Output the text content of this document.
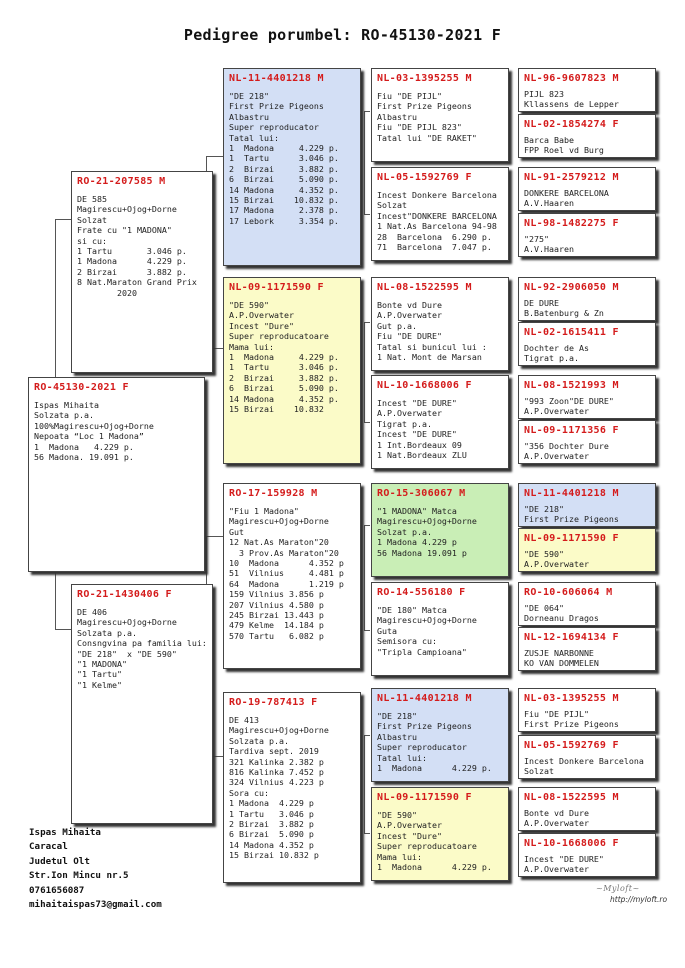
Pedigree porumbel: RO-45130-2021 F
RO-45130-2021 F
Ispas Mihaita
Solzata p.a.
100%Magirescu+Ojog+Dorne
Nepoata “Loc 1 Madona”
1  Madona   4.229 p.
56 Madona. 19.091 p.
RO-21-207585 M
DE 585
Magirescu+Ojog+Dorne
Solzat
Frate cu "1 MADONA"
si cu:
1 Tartu       3.046 p.
1 Madona      4.229 p.
2 Birzai      3.882 p.
8 Nat.Maraton Grand Prix
2020
RO-21-1430406 F
DE 406
Magirescu+Ojog+Dorne
Solzata p.a.
Consngvina pa familia lui:
"DE 218"  x "DE 590"
"1 MADONA"
"1 Tartu"
"1 Kelme"
NL-11-4401218 M
"DE 218"
First Prize Pigeons
Albastru
Super reproducator
Tatal lui:
1  Madona     4.229 p.
1  Tartu      3.046 p.
2  Birzai     3.882 p.
6  Birzai     5.090 p.
14 Madona     4.352 p.
15 Birzai    10.832 p.
17 Madona     2.378 p.
17 Lebork     3.354 p.
NL-09-1171590 F
"DE 590"
A.P.Overwater
Incest "Dure"
Super reproducatoare
Mama lui:
1  Madona     4.229 p.
1  Tartu      3.046 p.
2  Birzai     3.882 p.
6  Birzai     5.090 p.
14 Madona     4.352 p.
15 Birzai    10.832
RO-17-159928 M
"Fiu 1 Madona"
Magirescu+Ojog+Dorne
Gut
12 Nat.As Maraton"20
3 Prov.As Maraton"20
10  Madona      4.352 p
51  Vilnius     4.481 p
64  Madona      1.219 p
159 Vilnius 3.856 p
207 Vilnius 4.580 p
245 Birzai 13.443 p
479 Kelme  14.184 p
570 Tartu   6.082 p
RO-19-787413 F
DE 413
Magirescu+Ojog+Dorne
Solzata p.a.
Tardiva sept. 2019
321 Kalinka 2.382 p
816 Kalinka 7.452 p
324 Vilnius 4.223 p
Sora cu:
1 Madona  4.229 p
1 Tartu   3.046 p
2 Birzai  3.882 p
6 Birzai  5.090 p
14 Madona 4.352 p
15 Birzai 10.832 p
NL-03-1395255 M
Fiu "DE PIJL"
First Prize Pigeons
Albastru
Fiu "DE PIJL 823"
Tatal lui "DE RAKET"
NL-05-1592769 F
Incest Donkere Barcelona
Solzat
Incest"DONKERE BARCELONA
1 Nat.As Barcelona 94-98
28  Barcelona  6.290 p.
71  Barcelona  7.047 p.
NL-08-1522595 M
Bonte vd Dure
A.P.Overwater
Gut p.a.
Fiu "DE DURE"
Tatal si bunicul lui :
1 Nat. Mont de Marsan
NL-10-1668006 F
Incest "DE DURE"
A.P.Overwater
Tigrat p.a.
Incest "DE DURE"
1 Int.Bordeaux 09
1 Nat.Bordeaux ZLU
RO-15-306067 M
"1 MADONA" Matca
Magirescu+Ojog+Dorne
Solzat p.a.
1 Madona 4.229 p
56 Madona 19.091 p
RO-14-556180 F
"DE 180" Matca
Magirescu+Ojog+Dorne
Guta
Semisora cu:
"Tripla Campioana"
NL-11-4401218 M
"DE 218"
First Prize Pigeons
Albastru
Super reproducator
Tatal lui:
1  Madona      4.229 p.
NL-09-1171590 F
"DE 590"
A.P.Overwater
Incest "Dure"
Super reproducatoare
Mama lui:
1  Madona      4.229 p.
NL-96-9607823 M
PIJL 823
Kllassens de Lepper
NL-02-1854274 F
Barca Babe
FPP Roel vd Burg
NL-91-2579212 M
DONKERE BARCELONA
A.V.Haaren
NL-98-1482275 F
"275"
A.V.Haaren
NL-92-2906050 M
DE DURE
B.Batenburg & Zn
NL-02-1615411 F
Dochter de As
Tigrat p.a.
NL-08-1521993 M
"993 Zoon"DE DURE"
A.P.Overwater
NL-09-1171356 F
"356 Dochter Dure
A.P.Overwater
NL-11-4401218 M
"DE 218"
First Prize Pigeons
NL-09-1171590 F
"DE 590"
A.P.Overwater
RO-10-606064 M
"DE 064"
Dorneanu Dragos
NL-12-1694134 F
ZUSJE NARBONNE
KO VAN DOMMELEN
NL-03-1395255 M
Fiu "DE PIJL"
First Prize Pigeons
NL-05-1592769 F
Incest Donkere Barcelona
Solzat
NL-08-1522595 M
Bonte vd Dure
A.P.Overwater
NL-10-1668006 F
Incest "DE DURE"
A.P.Overwater
Ispas Mihaita
Caracal
Judetul Olt
Str.Ion Mincu nr.5
0761656087
mihaitaispas73@gmail.com
~Myloft~
http://myloft.ro
